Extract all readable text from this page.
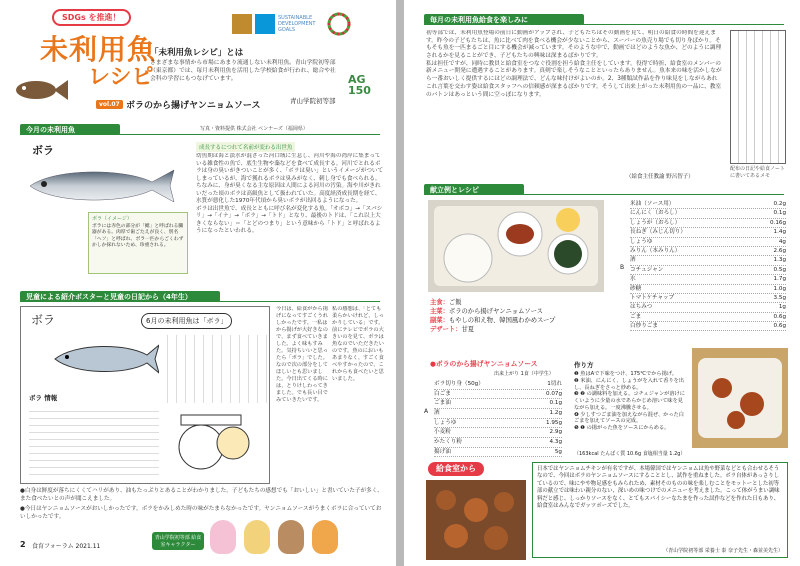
SDGs を推進！
未利用魚
レシピ
「未利用魚レシピ」とは
さまざまな事情から市場にあまり流通しない未利用魚。青山学院初等部（東京都）では、毎月未利用魚を活用した学校給食が行われ、総合や社会科の学習にもつなげています。
SUSTAINABLE DEVELOPMENT GOALS
AG 150
青山学院初等部
vol.07 ボラのから揚げヤンニョムソース
今月の未利用魚	写真・資料提供 株式会社 ベンナーズ（福岡県）
ボラ
ボラ（イメージ）
ボラには赤色の部分が「鰓」と呼ばれる臓器がある。肉厚で歯ごたえが良く、別名「ヘソ」と呼ばれ、ボラ一匹からごくわずかしか採れないため、珍重される。
成長するにつれて名前が変わる出世魚
幼魚期は海と淡水が混ざった河口域に生息し、河川や海の湾岸に集まっている雑食性の魚で、底生生物や藻などを食べて成長する。河川でとれるボラは身の臭いがきついことが多く、「ボラは臭い」というイメージがついてしまっているが、海で獲れるボラは臭みがなく、刺し身でも食べられる。ちなみに、身が臭くなる主な原因は人間による河川の汚染。海や川がきれいだった頃のボラは高級魚として扱われていた。高度経済成長期を経て、水質が悪化した1970年代頃から臭いボラが出回るようになった。
ボラは出世魚で、成長とともに呼び名が変化する魚。「オボコ」→「スバシリ」→「イナ」→「ボラ」→「トド」となり、最後のトドは、「これ以上大きくならない」＝「とどのつまり」という意味から「トド」と呼ばれるようになったといわれる。
児童による紹介ポスターと児童の日記から（4年生）
ボラ	6月の未利用魚は「ボラ」
ボラ 情報
今日は、給食がから揚げになってすごくうれしかったです。一私はから揚げが大好きなので、まず食べていきました。よく味もすみた。気持ちいいと思ったら「ボラ」でした。なので次の部分をしてほしいとも思いました。今日出てくる時には、とりけしわってきました。でも長い目でみていきたいです。
私の感想は、「とても柔らかいけれど、しっかりしている」です。前にテレビでボラの大きいのを見て、ボラは魚なのでいただきたいのです。魚のにおいもあまりなく、すごく食べやすかったので、これからも食べたいと思いました。
●白身は鮮度が落ちにくくてハリがあり、油もたっぷりとあることがわかりました。子どもたちの感想でも「おいしい」と書いていた子が多く、また食べたいとの声が聞こえました。
●今日はヤンニョムソースがおいしかったです。ボラをかみしめた時の味がたまらなかったです。ヤンニョムソースがうまくボラに合っていておいしかったです。
2 食育フォーラム 2021.11
青山学院初等部 給食室キャラクター
毎月の未利用魚給食を楽しみに
初等部では、未利用魚登場の前日に動画がアップされ、子どもたちはその動画を見て、明日の給食の時間を迎えます。昨今の子どもたちは、魚に比べて肉を食べる機会が少ないことから、スーパーの魚売り場でも切り身ばかり。そもそも魚を一匹まるごと目にする機会が減っています。そのような中で、動画ではどのような魚か、どのように調理されるかを見ることができ、子どもたちの興味は深まるばかりです。
私は担任ですが、同時に教員と給食室をつなぐ役割を担う給食主任をしています。役得で時折、給食室のメンバーの新メニュー開発に遭遇することがあります。真剣で楽しそうなことといったらありません。魚本来の味を活かしながら一番おいしく提供するにはどの調理法で、どんな味付けがよいのか。2、3種類試作品を作り味見をしながらあれこれ言葉を交わす姿は給食スタッフへの信頼感が深まるばかりです。そうして出来上がった未利用魚の一品に、教室のバトンはあっという間に空っぽになります。
（給食主任教諭 野呂智子）
配布の日記や給食ノートに書いてあるメモ
献立例とレシピ
主食：ご飯
主菜：ボラのから揚げヤンニョムソース
副菜：もやしの和え物、韓国風わかめスープ
デザート：甘夏
●ボラのから揚げヤンニョムソース
出来上がり 1食（中学生）
A
ボラ切り身（50g）	1切れ
白ごま	0.07g
ごま油	0.1g
酒	1.2g
しょうゆ	1.95g
小麦粉	2.9g
かたくり粉	4.3g
揚げ油	5g
B
米油（ソース用）	0.2g
にんにく（おろし）	0.1g
しょうが（おろし）	0.16g
長ねぎ（みじん切り）	1.4g
しょうゆ	4g
みりん（本みりん）	2.6g
酒	1.3g
コチュジャン	0.5g
水	1.7g
砂糖	1.0g
トマトケチャップ	3.5g
はちみつ	1g
ごま	0.6g
白炒りごま	0.6g
作り方
❶ 魚はAで下味をつけ、175℃でから揚げ。
❷ 米油、にんにく、しょうがを入れて香りを出し、長ねぎをさっと炒める。
❸ ❷ の調味料を加える。コチュジャンが溶けにくいように少量の水であらかじめ溶いて味を見ながら加える。一度沸騰させる。
❹ 少しすつごま油を加えながら混ぜ、かった白ごまを加えてソースの完成。
❺ ❶ の揚がった魚をソースにからめる。
（163kcal たんぱく質 10.6g 食塩相当量 1.2g）
給食室から	日本ではヤンニョムチキンが有名ですが、本場韓国ではヤンニョムは魚や野菜などとも合わせるそうなので、今回はボラのヤンニョムソースにすることとし、試作を重ねました。ボラ自体があっさりしているので、味にやや物足感をもみられため、素材そのものの味を楽しむことをモットーとした初等部の献立では味わい親分のない、深いめの味つけでのメニューを考えました。こって体がうまい調味料だと感じ、しっかりソースをなく、とてもスパイシーなたまを作った試作などを作れた日もあり、給食室はみんなでガッツポーズでした。
（青山学院初等部 栄養士 泰 奈子先生・森並美先生）
